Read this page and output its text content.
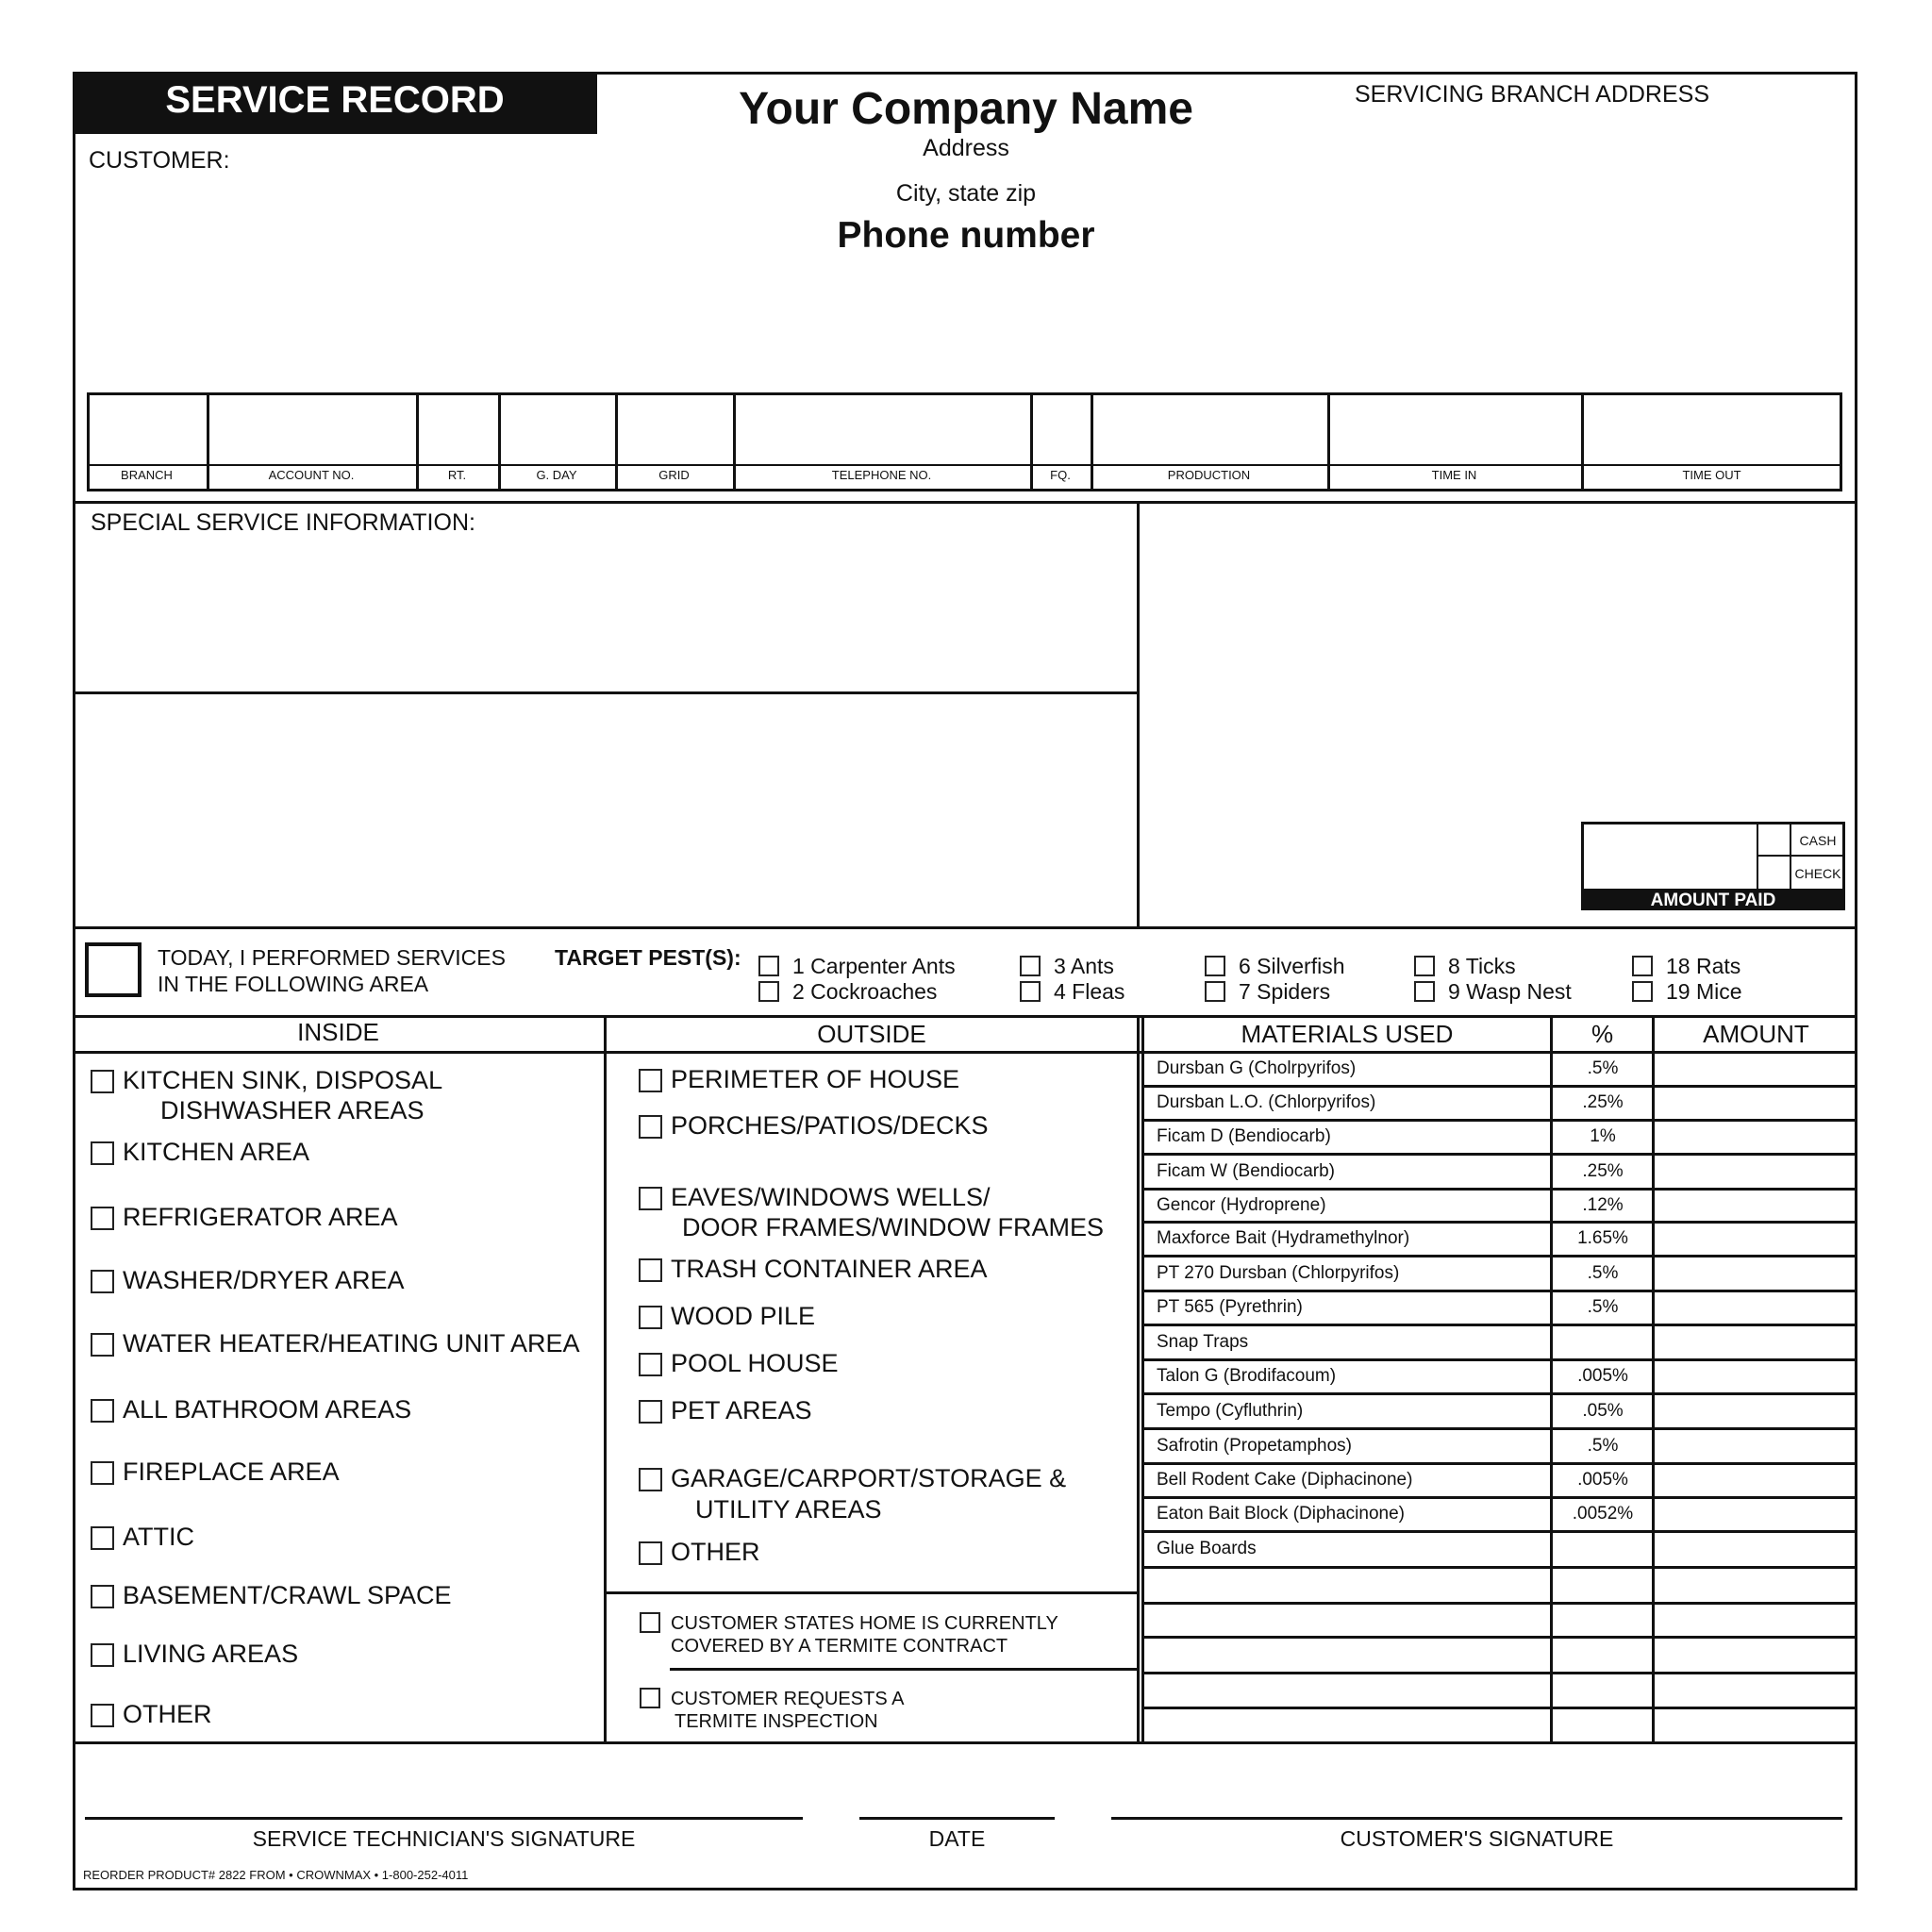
SERVICE RECORD	Your Company Name
Address
City, state zip
Phone number
SERVICING BRANCH ADDRESS
CUSTOMER:
BRANCH	ACCOUNT NO.	RT.	G. DAY	GRID	TELEPHONE NO.	FQ.	PRODUCTION	TIME IN	TIME OUT
SPECIAL SERVICE INFORMATION:
CASH
CHECK
AMOUNT PAID
TODAY, I PERFORMED SERVICES
IN THE FOLLOWING AREA
TARGET PEST(S): 1 Carpenter Ants
2 Cockroaches
3 Ants
4 Fleas
6 Silverfish
7 Spiders
8 Ticks
9 Wasp Nest
18 Rats
19 Mice
INSIDE	OUTSIDE	MATERIALS USED	%	AMOUNT
KITCHEN SINK, DISPOSAL
DISHWASHER AREAS
KITCHEN AREA
REFRIGERATOR AREA
WASHER/DRYER AREA
WATER HEATER/HEATING UNIT AREA
ALL BATHROOM AREAS
FIREPLACE AREA
ATTIC
BASEMENT/CRAWL SPACE
LIVING AREAS
OTHER
PERIMETER OF HOUSE
PORCHES/PATIOS/DECKS
EAVES/WINDOWS WELLS/
DOOR FRAMES/WINDOW FRAMES
TRASH CONTAINER AREA
WOOD PILE
POOL HOUSE
PET AREAS
GARAGE/CARPORT/STORAGE &
UTILITY AREAS
OTHER
CUSTOMER STATES HOME IS CURRENTLY
COVERED BY A TERMITE CONTRACT
CUSTOMER REQUESTS A
TERMITE INSPECTION
Dursban G (Cholrpyrifos)	.5%
Dursban L.O. (Chlorpyrifos)	.25%
Ficam D (Bendiocarb)	1%
Ficam W (Bendiocarb)	.25%
Gencor (Hydroprene)	.12%
Maxforce Bait (Hydramethylnor)	1.65%
PT 270 Dursban (Chlorpyrifos)	.5%
PT 565 (Pyrethrin)	.5%
Snap Traps
Talon G (Brodifacoum)	.005%
Tempo (Cyfluthrin)	.05%
Safrotin (Propetamphos)	.5%
Bell Rodent Cake (Diphacinone)	.005%
Eaton Bait Block (Diphacinone)	.0052%
Glue Boards
SERVICE TECHNICIAN'S SIGNATURE	DATE	CUSTOMER'S SIGNATURE
REORDER PRODUCT# 2822 FROM • CROWNMAX • 1-800-252-4011
